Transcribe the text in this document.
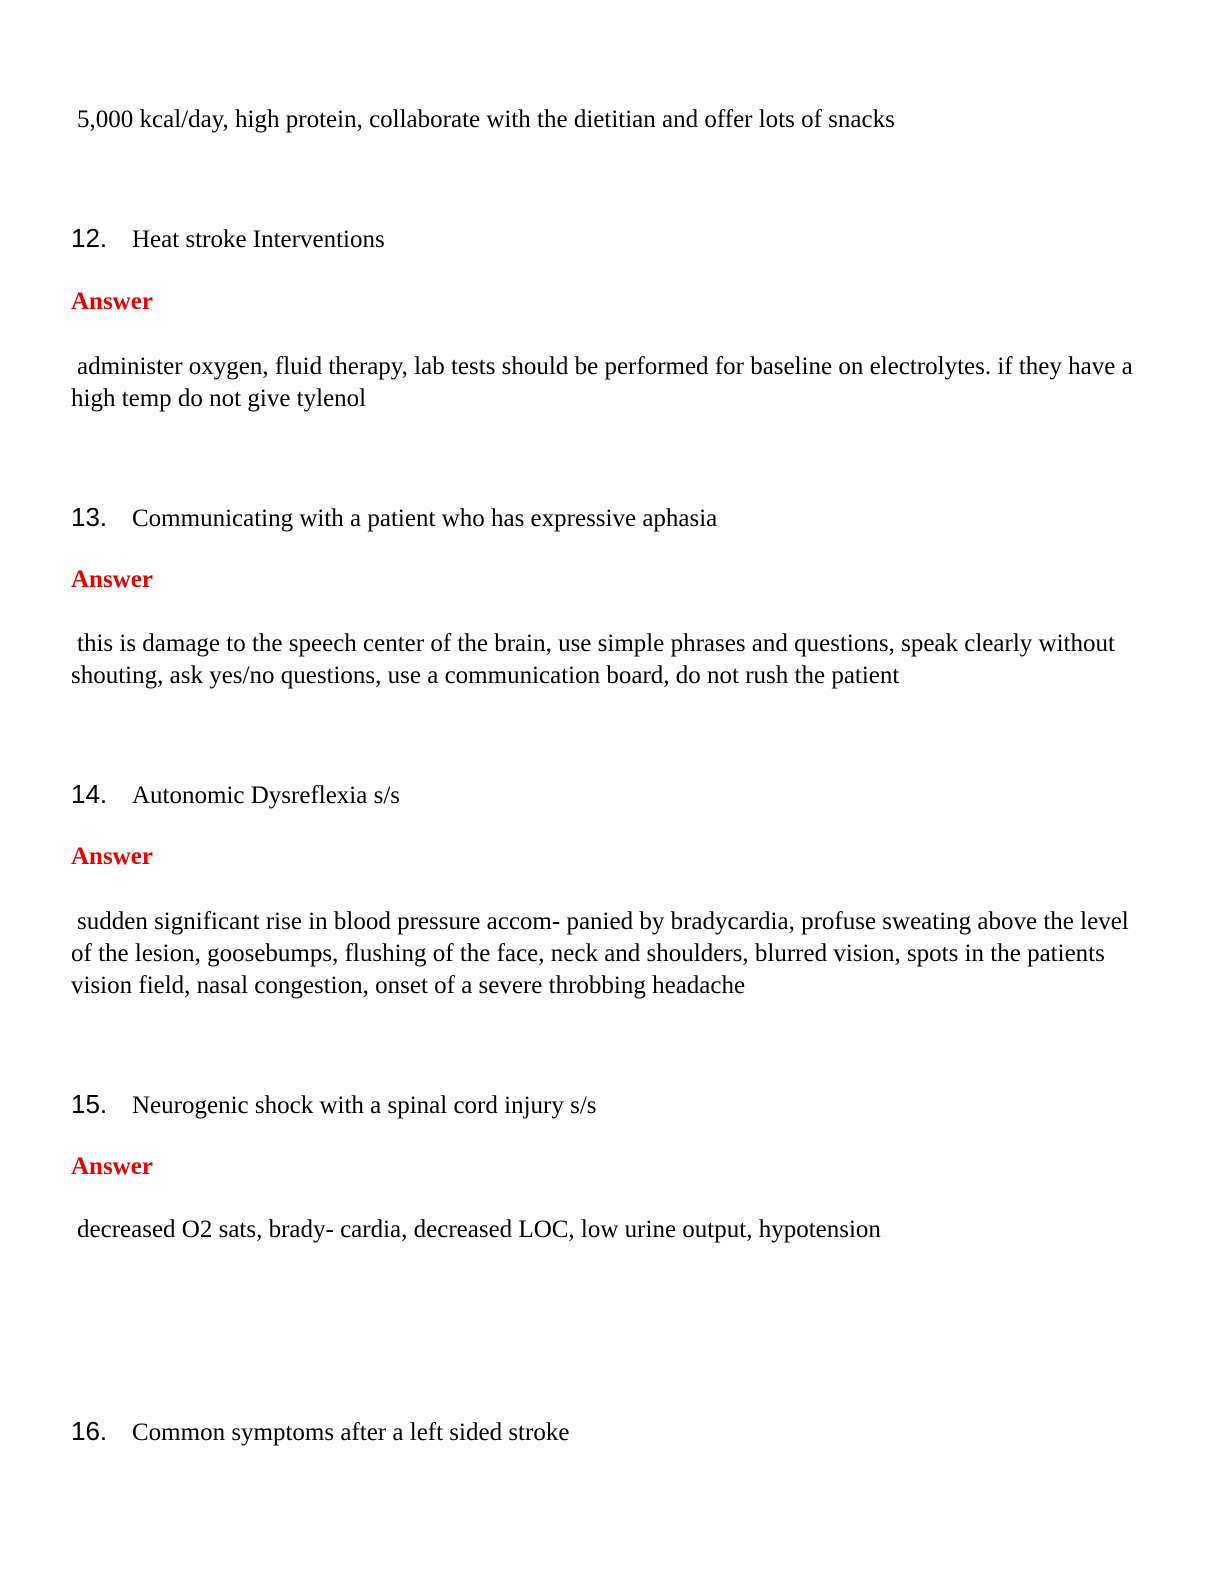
5,000 kcal/day, high protein, collaborate with the dietitian and offer lots of snacks

12. Heat stroke Interventions

Answer

administer oxygen, fluid therapy, lab tests should be performed for baseline on electrolytes. if they have a high temp do not give tylenol

13. Communicating with a patient who has expressive aphasia

Answer

this is damage to the speech center of the brain, use simple phrases and questions, speak clearly without shouting, ask yes/no questions, use a communication board, do not rush the patient

14. Autonomic Dysreflexia s/s

Answer

sudden significant rise in blood pressure accom- panied by bradycardia, profuse sweating above the level of the lesion, goosebumps, flushing of the face, neck and shoulders, blurred vision, spots in the patients vision field, nasal congestion, onset of a severe throbbing headache

15. Neurogenic shock with a spinal cord injury s/s

Answer

decreased O2 sats, brady- cardia, decreased LOC, low urine output, hypotension

16. Common symptoms after a left sided stroke
